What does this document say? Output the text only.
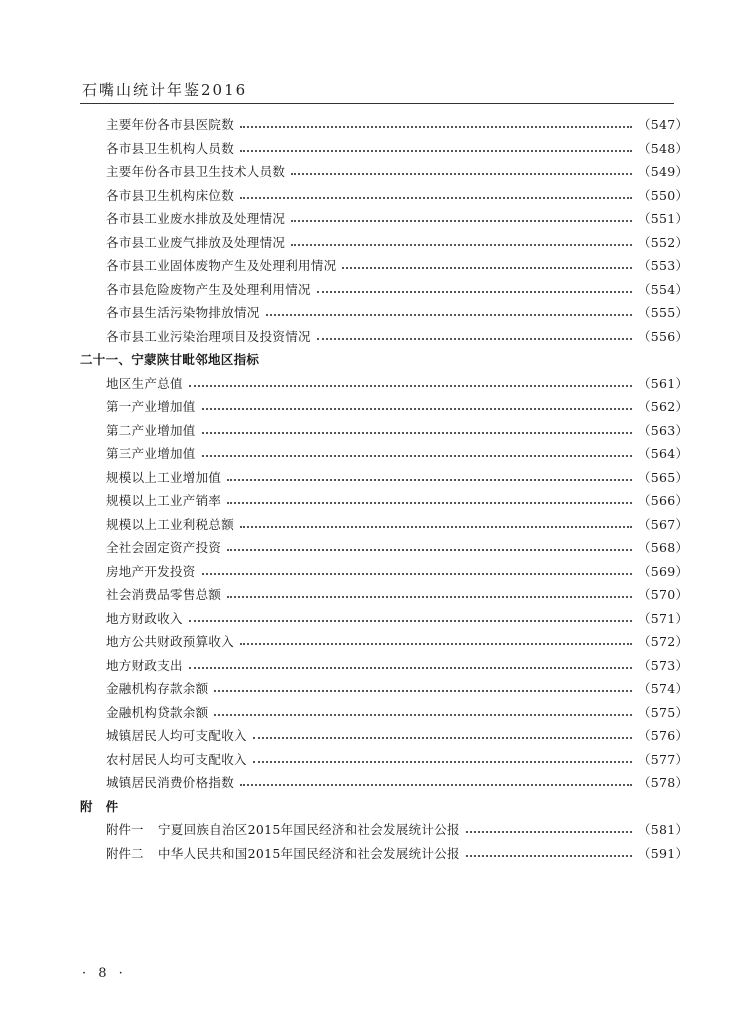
石嘴山统计年鉴2016
主要年份各市县医院数	（547）
各市县卫生机构人员数	（548）
主要年份各市县卫生技术人员数	（549）
各市县卫生机构床位数	（550）
各市县工业废水排放及处理情况	（551）
各市县工业废气排放及处理情况	（552）
各市县工业固体废物产生及处理利用情况	（553）
各市县危险废物产生及处理利用情况	（554）
各市县生活污染物排放情况	（555）
各市县工业污染治理项目及投资情况	（556）
二十一、宁蒙陕甘毗邻地区指标
地区生产总值	（561）
第一产业增加值	（562）
第二产业增加值	（563）
第三产业增加值	（564）
规模以上工业增加值	（565）
规模以上工业产销率	（566）
规模以上工业利税总额	（567）
全社会固定资产投资	（568）
房地产开发投资	（569）
社会消费品零售总额	（570）
地方财政收入	（571）
地方公共财政预算收入	（572）
地方财政支出	（573）
金融机构存款余额	（574）
金融机构贷款余额	（575）
城镇居民人均可支配收入	（576）
农村居民人均可支配收入	（577）
城镇居民消费价格指数	（578）
附　件
附件一	宁夏回族自治区2015年国民经济和社会发展统计公报	（581）
附件二	中华人民共和国2015年国民经济和社会发展统计公报	（591）
· 8 ·
